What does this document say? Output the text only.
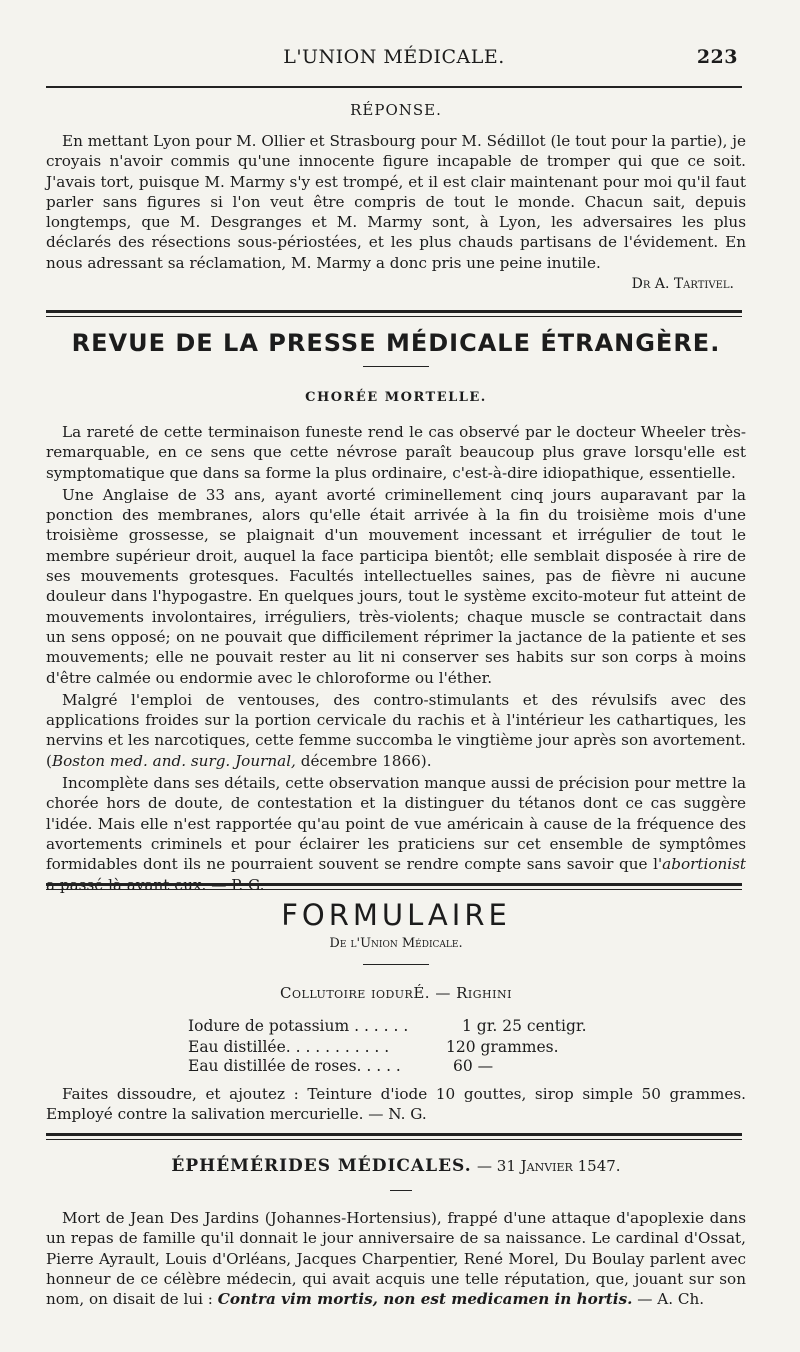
L'UNION MÉDICALE.	223
RÉPONSE.

En mettant Lyon pour M. Ollier et Strasbourg pour M. Sédillot (le tout pour la partie), je croyais n'avoir commis qu'une innocente figure incapable de tromper qui que ce soit. J'avais tort, puisque M. Marmy s'y est trompé, et il est clair maintenant pour moi qu'il faut parler sans figures si l'on veut être compris de tout le monde. Chacun sait, depuis longtemps, que M. Desgranges et M. Marmy sont, à Lyon, les adversaires les plus déclarés des résections sous-périostées, et les plus chauds partisans de l'évidement. En nous adressant sa réclamation, M. Marmy a donc pris une peine inutile.

Dr A. Tartivel.
REVUE DE LA PRESSE MÉDICALE ÉTRANGÈRE.
CHORÉE MORTELLE.

La rareté de cette terminaison funeste rend le cas observé par le docteur Wheeler très-remarquable, en ce sens que cette névrose paraît beaucoup plus grave lorsqu'elle est symptomatique que dans sa forme la plus ordinaire, c'est-à-dire idiopathique, essentielle.

Une Anglaise de 33 ans, ayant avorté criminellement cinq jours auparavant par la ponction des membranes, alors qu'elle était arrivée à la fin du troisième mois d'une troisième grossesse, se plaignait d'un mouvement incessant et irrégulier de tout le membre supérieur droit, auquel la face participa bientôt; elle semblait disposée à rire de ses mouvements grotesques. Facultés intellectuelles saines, pas de fièvre ni aucune douleur dans l'hypogastre. En quelques jours, tout le système excito-moteur fut atteint de mouvements involontaires, irréguliers, très-violents; chaque muscle se contractait dans un sens opposé; on ne pouvait que difficilement réprimer la jactance de la patiente et ses mouvements; elle ne pouvait rester au lit ni conserver ses habits sur son corps à moins d'être calmée ou endormie avec le chloroforme ou l'éther.

Malgré l'emploi de ventouses, des contro-stimulants et des révulsifs avec des applications froides sur la portion cervicale du rachis et à l'intérieur les cathartiques, les nervins et les narcotiques, cette femme succomba le vingtième jour après son avortement. (Boston med. and. surg. Journal, décembre 1866).

Incomplète dans ses détails, cette observation manque aussi de précision pour mettre la chorée hors de doute, de contestation et la distinguer du tétanos dont ce cas suggère l'idée. Mais elle n'est rapportée qu'au point de vue américain à cause de la fréquence des avortements criminels et pour éclairer les praticiens sur cet ensemble de symptômes formidables dont ils ne pourraient souvent se rendre compte sans savoir que l'abortionist

FORMULAIRE
De l'Union Médicale.
Collutoire iodurÉ. — Righini
Iodure de potassium . . . . . .	1 gr. 25 centigr.
Eau distillée. . . . . . . . . . .	120 grammes.
Eau distillée de roses. . . . .	60 —

Faites dissoudre, et ajoutez : Teinture d'iode 10 gouttes, sirop simple 50 grammes. Employé contre la salivation mercurielle. — N. G.

ÉPHÉMÉRIDES MÉDICALES. — 31 Janvier 1547.

Mort de Jean Des Jardins (Johannes-Hortensius), frappé d'une attaque d'apoplexie dans un repas de famille qu'il donnait le jour anniversaire de sa naissance. Le cardinal d'Ossat, Pierre Ayrault, Louis d'Orléans, Jacques Charpentier, René Morel, Du Boulay parlent avec honneur de ce célèbre médecin, qui avait acquis une telle réputation, que, jouant sur son nom, on disait de lui : Contra vim mortis, non est medicamen in hortis. — A. Ch.
